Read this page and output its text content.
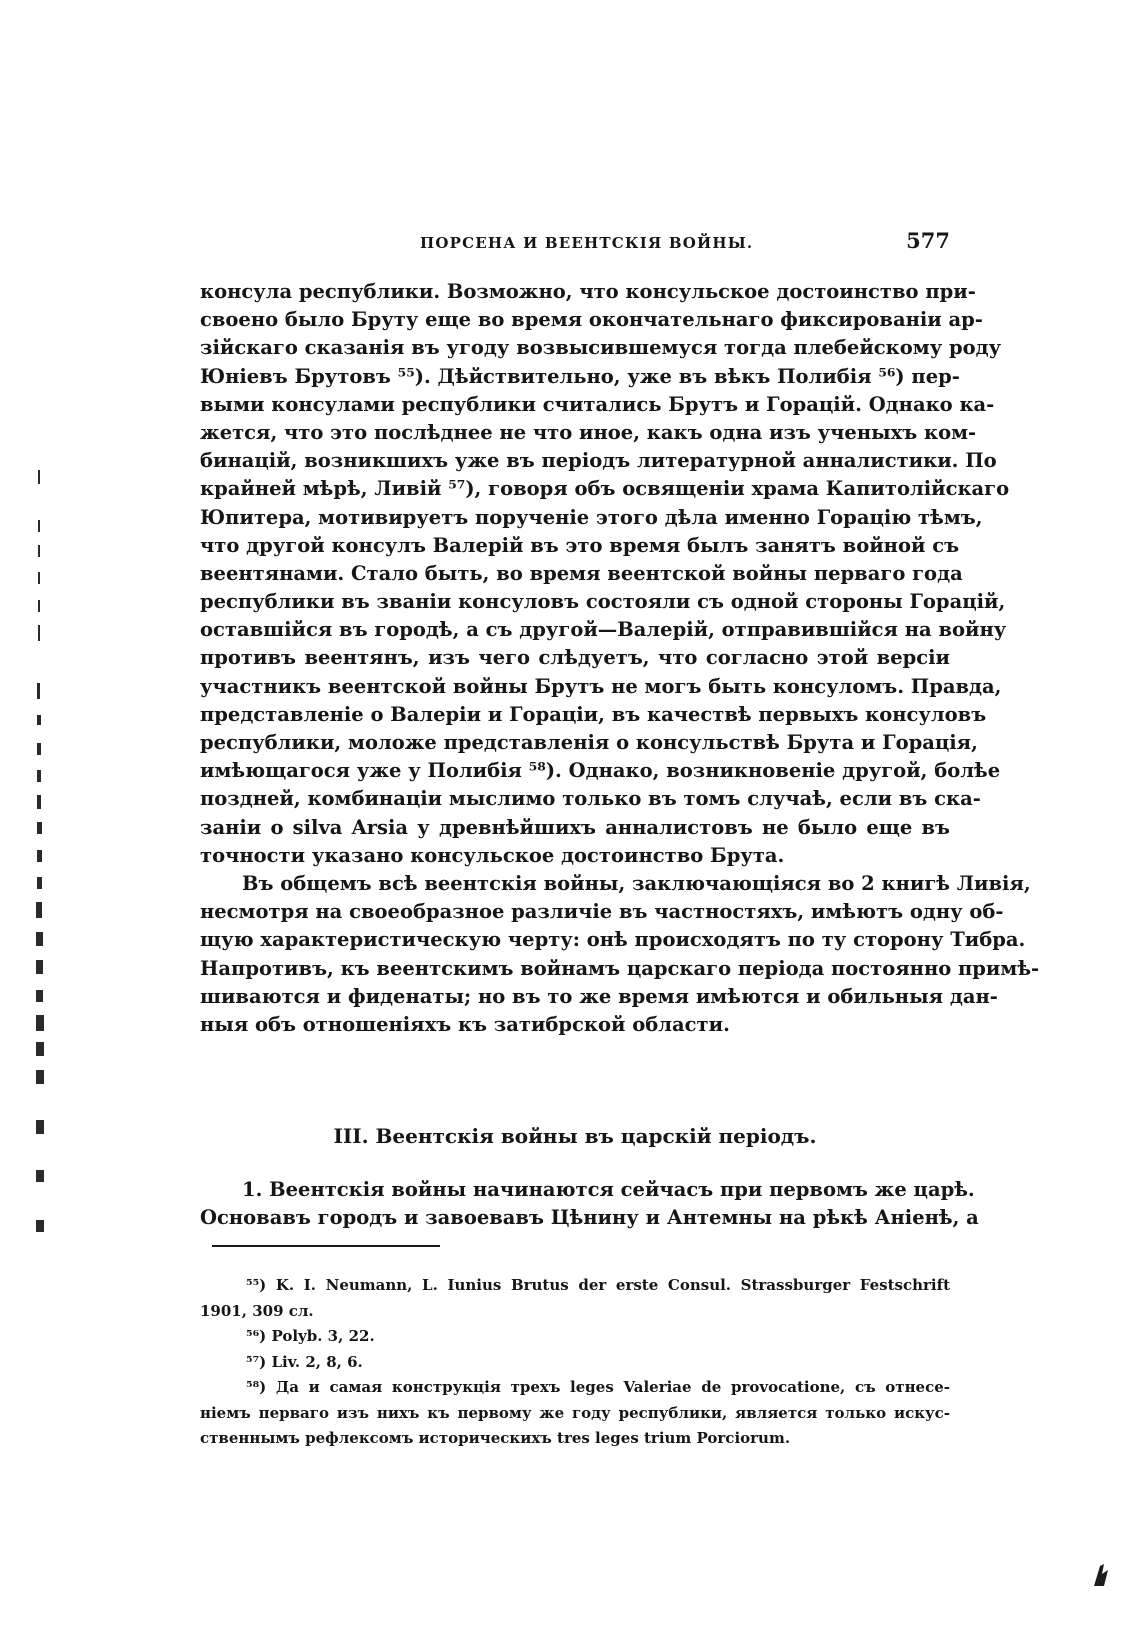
ПОРСЕНА И ВЕЕНТСКІЯ ВОЙНЫ.	577
консула республики. Возможно, что консульское достоинство при-
своено было Бруту еще во время окончательнаго фиксированіи ар-
зійскаго сказанія въ угоду возвысившемуся тогда плебейскому роду
Юніевъ Брутовъ ⁵⁵). Дѣйствительно, уже въ вѣкъ Полибія ⁵⁶) пер-
выми консулами республики считались Брутъ и Горацій. Однако ка-
жется, что это послѣднее не что иное, какъ одна изъ ученыхъ ком-
бинацій, возникшихъ уже въ періодъ литературной анналистики. По
крайней мѣрѣ, Ливій ⁵⁷), говоря объ освященіи храма Капитолійскаго
Юпитера, мотивируетъ порученіе этого дѣла именно Горацію тѣмъ,
что другой консулъ Валерій въ это время былъ занятъ войной съ
веентянами. Стало быть, во время веентской войны перваго года
республики въ званіи консуловъ состояли съ одной стороны Горацій,
оставшійся въ городѣ, а съ другой—Валерій, отправившійся на войну
противъ веентянъ, изъ чего слѣдуетъ, что согласно этой версіи
участникъ веентской войны Брутъ не могъ быть консуломъ. Правда,
представленіе о Валеріи и Гораціи, въ качествѣ первыхъ консуловъ
республики, моложе представленія о консульствѣ Брута и Горація,
имѣющагося уже у Полибія ⁵⁸). Однако, возникновеніе другой, болѣе
поздней, комбинаціи мыслимо только въ томъ случаѣ, если въ ска-
заніи о silva Arsia у древнѣйшихъ анналистовъ не было еще въ
точности указано консульское достоинство Брута.
Въ общемъ всѣ веентскія войны, заключающіяся во 2 книгѣ Ливія,
несмотря на своеобразное различіе въ частностяхъ, имѣютъ одну об-
щую характеристическую черту: онѣ происходятъ по ту сторону Тибра.
Напротивъ, къ веентскимъ войнамъ царскаго періода постоянно примѣ-
шиваются и фиденаты; но въ то же время имѣются и обильныя дан-
ныя объ отношеніяхъ къ затибрской области.
III. Веентскія войны въ царскій періодъ.
1. Веентскія войны начинаются сейчасъ при первомъ же царѣ.
Основавъ городъ и завоевавъ Цѣнину и Антемны на рѣкѣ Аніенѣ, а
⁵⁵) K. I. Neumann, L. Iunius Brutus der erste Consul. Strassburger Festschrift
1901, 309 сл.
⁵⁶) Polyb. 3, 22.
⁵⁷) Liv. 2, 8, 6.
⁵⁸) Да и самая конструкція трехъ leges Valeriae de provocatione, съ отнесе-
ніемъ перваго изъ нихъ къ первому же году республики, является только искус-
ственнымъ рефлексомъ историческихъ tres leges trium Porciorum.
